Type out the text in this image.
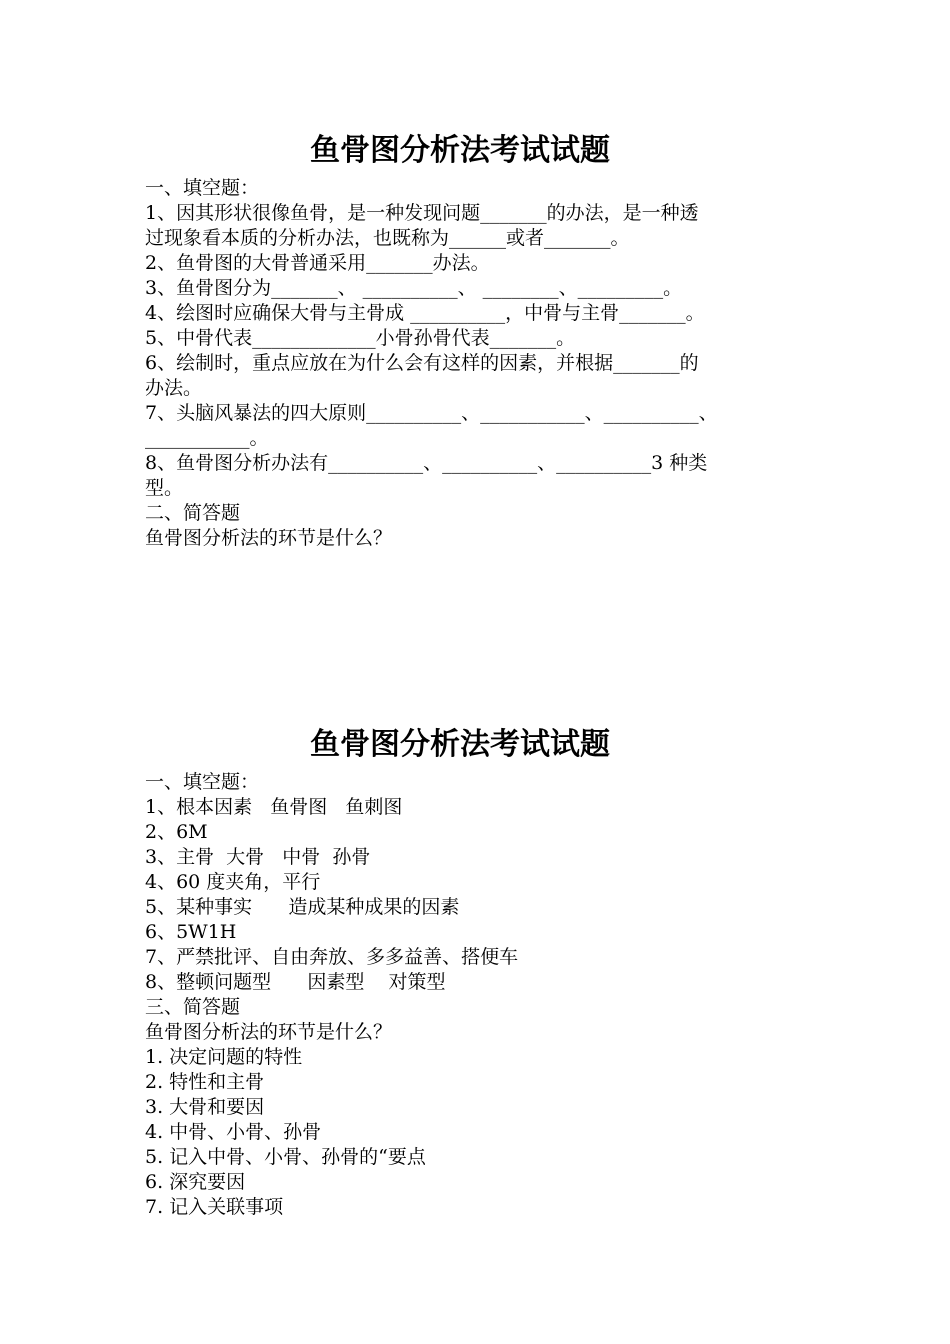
鱼骨图分析法考试试题
一、填空题：
1、因其形状很像鱼骨，是一种发现问题_______的办法，是一种透
过现象看本质的分析办法，也既称为______或者_______。
2、鱼骨图的大骨普通采用_______办法。
3、鱼骨图分为_______、 __________、 ________、_________。
4、绘图时应确保大骨与主骨成 __________，中骨与主骨_______。
5、中骨代表_____________小骨孙骨代表_______。
6、绘制时，重点应放在为什么会有这样的因素，并根据_______的
办法。
7、头脑风暴法的四大原则__________、___________、__________、
___________。
8、鱼骨图分析办法有__________、__________、__________3 种类
型。
二、简答题
鱼骨图分析法的环节是什么？
鱼骨图分析法考试试题
一、填空题：
1、根本因素   鱼骨图   鱼刺图
2、6M
3、主骨  大骨   中骨  孙骨
4、60 度夹角，平行
5、某种事实      造成某种成果的因素
6、5W1H
7、严禁批评、自由奔放、多多益善、搭便车
8、整顿问题型      因素型    对策型
三、简答题
鱼骨图分析法的环节是什么？
1. 决定问题的特性
2. 特性和主骨
3. 大骨和要因
4. 中骨、小骨、孙骨
5. 记入中骨、小骨、孙骨的“要点
6. 深究要因
7. 记入关联事项
